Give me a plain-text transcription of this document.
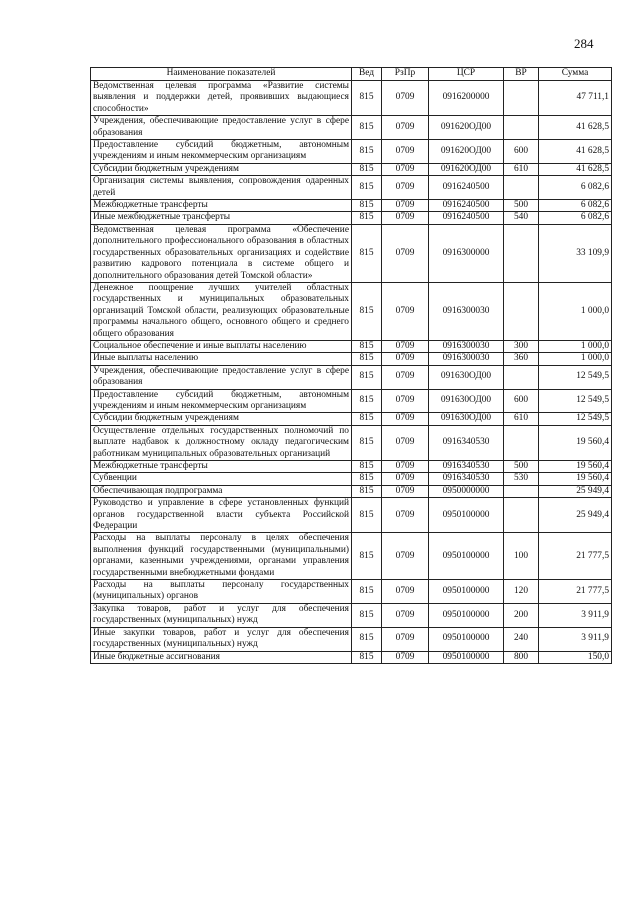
284
Наименование показателей	Вед	РзПр	ЦСР	ВР	Сумма
Ведомственная целевая программа «Развитие системы выявления и поддержки детей, проявивших выдающиеся способности»	815	0709	0916200000		47 711,1
Учреждения, обеспечивающие предоставление услуг в сфере образования	815	0709	091620ОД00		41 628,5
Предоставление субсидий бюджетным, автономным учреждениям и иным некоммерческим организациям	815	0709	091620ОД00	600	41 628,5
Субсидии бюджетным учреждениям	815	0709	091620ОД00	610	41 628,5
Организация системы выявления, сопровождения одаренных детей	815	0709	0916240500		6 082,6
Межбюджетные трансферты	815	0709	0916240500	500	6 082,6
Иные межбюджетные трансферты	815	0709	0916240500	540	6 082,6
Ведомственная целевая программа «Обеспечение дополнительного профессионального образования в областных государственных образовательных организациях и содействие развитию кадрового потенциала в системе общего и дополнительного образования детей Томской области»	815	0709	0916300000		33 109,9
Денежное поощрение лучших учителей областных государственных и муниципальных образовательных организаций Томской области, реализующих образовательные программы начального общего, основного общего и среднего общего образования	815	0709	0916300030		1 000,0
Социальное обеспечение и иные выплаты населению	815	0709	0916300030	300	1 000,0
Иные выплаты населению	815	0709	0916300030	360	1 000,0
Учреждения, обеспечивающие предоставление услуг в сфере образования	815	0709	091630ОД00		12 549,5
Предоставление субсидий бюджетным, автономным учреждениям и иным некоммерческим организациям	815	0709	091630ОД00	600	12 549,5
Субсидии бюджетным учреждениям	815	0709	091630ОД00	610	12 549,5
Осуществление отдельных государственных полномочий по выплате надбавок к должностному окладу педагогическим работникам муниципальных образовательных организаций	815	0709	0916340530		19 560,4
Межбюджетные трансферты	815	0709	0916340530	500	19 560,4
Субвенции	815	0709	0916340530	530	19 560,4
Обеспечивающая подпрограмма	815	0709	0950000000		25 949,4
Руководство и управление в сфере установленных функций органов государственной власти субъекта Российской Федерации	815	0709	0950100000		25 949,4
Расходы на выплаты персоналу в целях обеспечения выполнения функций государственными (муниципальными) органами, казенными учреждениями, органами управления государственными внебюджетными фондами	815	0709	0950100000	100	21 777,5
Расходы на выплаты персоналу государственных (муниципальных) органов	815	0709	0950100000	120	21 777,5
Закупка товаров, работ и услуг для обеспечения государственных (муниципальных) нужд	815	0709	0950100000	200	3 911,9
Иные закупки товаров, работ и услуг для обеспечения государственных (муниципальных) нужд	815	0709	0950100000	240	3 911,9
Иные бюджетные ассигнования	815	0709	0950100000	800	150,0
